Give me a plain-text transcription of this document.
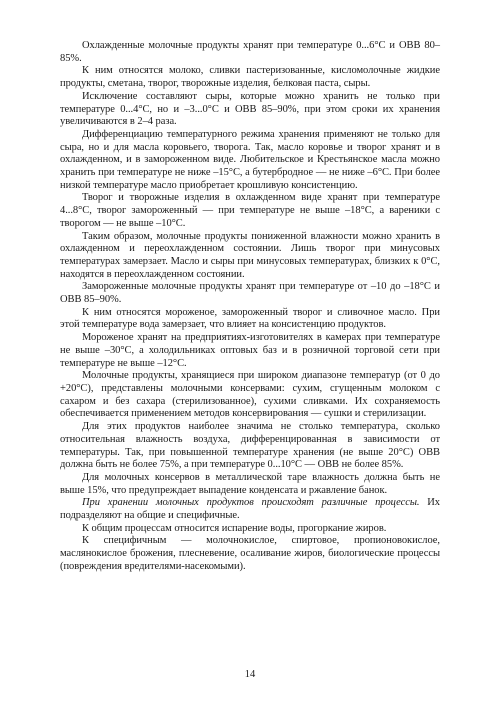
Охлажденные молочные продукты хранят при температуре 0...6°С и ОВВ 80–85%.

К ним относятся молоко, сливки пастеризованные, кисломолочные жидкие продукты, сметана, творог, творожные изделия, белковая паста, сыры.

Исключение составляют сыры, которые можно хранить не только при температуре 0...4°С, но и –3...0°С и ОВВ 85–90%, при этом сроки их хранения увеличиваются в 2–4 раза.

Дифференциацию температурного режима хранения применяют не только для сыра, но и для масла коровьего, творога. Так, масло коровье и творог хранят и в охлажденном, и в замороженном виде. Любительское и Крестьянское масла можно хранить при температуре не ниже –15°С, а бутербродное — не ниже –6°С. При более низкой температуре масло приобретает крошливую консистенцию.

Творог и творожные изделия в охлажденном виде хранят при температуре 4...8°С, творог замороженный — при температуре не выше –18°С, а вареники с творогом — не выше –10°С.

Таким образом, молочные продукты пониженной влажности можно хранить в охлажденном и переохлажденном состоянии. Лишь творог при минусовых температурах замерзает. Масло и сыры при минусовых температурах, близких к 0°С, находятся в переохлажденном состоянии.

Замороженные молочные продукты хранят при температуре от –10 до –18°С и ОВВ 85–90%.

К ним относятся мороженое, замороженный творог и сливочное масло. При этой температуре вода замерзает, что влияет на консистенцию продуктов.

Мороженое хранят на предприятиях-изготовителях в камерах при температуре не выше –30°С, а холодильниках оптовых баз и в розничной торговой сети при температуре не выше –12°С.

Молочные продукты, хранящиеся при широком диапазоне температур (от 0 до +20°С), представлены молочными консервами: сухим, сгущенным молоком с сахаром и без сахара (стерилизованное), сухими сливками. Их сохраняемость обеспечивается применением методов консервирования — сушки и стерилизации.

Для этих продуктов наиболее значима не столько температура, сколько относительная влажность воздуха, дифференцированная в зависимости от температуры. Так, при повышенной температуре хранения (не выше 20°С) ОВВ должна быть не более 75%, а при температуре 0...10°С — ОВВ не более 85%.

Для молочных консервов в металлической таре влажность должна быть не выше 15%, что предупреждает выпадение конденсата и ржавление банок.

При хранении молочных продуктов происходят различные процессы. Их подразделяют на общие и специфичные.

К общим процессам относится испарение воды, прогоркание жиров.

К специфичным — молочнокислое, спиртовое, пропионовокислое, маслянокислое брожения, плесневение, осаливание жиров, биологические процессы (повреждения вредителями-насекомыми).

14
